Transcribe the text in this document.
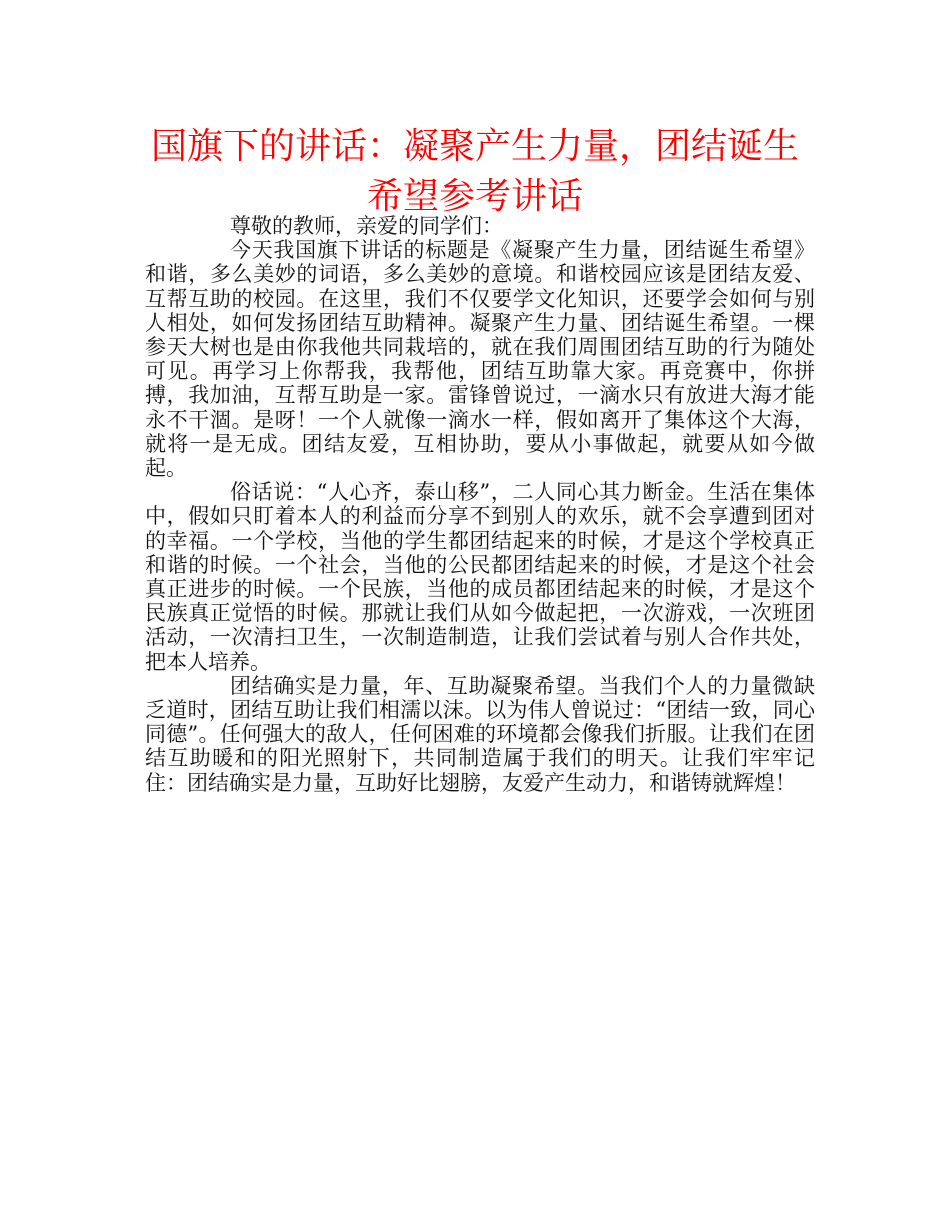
国旗下的讲话：凝聚产生力量，团结诞生
希望参考讲话

尊敬的教师，亲爱的同学们：

今天我国旗下讲话的标题是《凝聚产生力量，团结诞生希望》和谐，多么美妙的词语，多么美妙的意境。和谐校园应该是团结友爱、互帮互助的校园。在这里，我们不仅要学文化知识，还要学会如何与别人相处，如何发扬团结互助精神。凝聚产生力量、团结诞生希望。一棵参天大树也是由你我他共同栽培的，就在我们周围团结互助的行为随处可见。再学习上你帮我，我帮他，团结互助靠大家。再竞赛中，你拼搏，我加油，互帮互助是一家。雷锋曾说过，一滴水只有放进大海才能永不干涸。是呀！一个人就像一滴水一样，假如离开了集体这个大海，就将一是无成。团结友爱，互相协助，要从小事做起，就要从如今做起。

俗话说：“人心齐，泰山移”，二人同心其力断金。生活在集体中，假如只盯着本人的利益而分享不到别人的欢乐，就不会享遭到团对的幸福。一个学校，当他的学生都团结起来的时候，才是这个学校真正和谐的时候。一个社会，当他的公民都团结起来的时候，才是这个社会真正进步的时候。一个民族，当他的成员都团结起来的时候，才是这个民族真正觉悟的时候。那就让我们从如今做起把，一次游戏，一次班团活动，一次清扫卫生，一次制造制造，让我们尝试着与别人合作共处，把本人培养。

团结确实是力量，年、互助凝聚希望。当我们个人的力量微缺乏道时，团结互助让我们相濡以沫。以为伟人曾说过：“团结一致，同心同德”。任何强大的敌人，任何困难的环境都会像我们折服。让我们在团结互助暖和的阳光照射下，共同制造属于我们的明天。让我们牢牢记住：团结确实是力量，互助好比翅膀，友爱产生动力，和谐铸就辉煌！
